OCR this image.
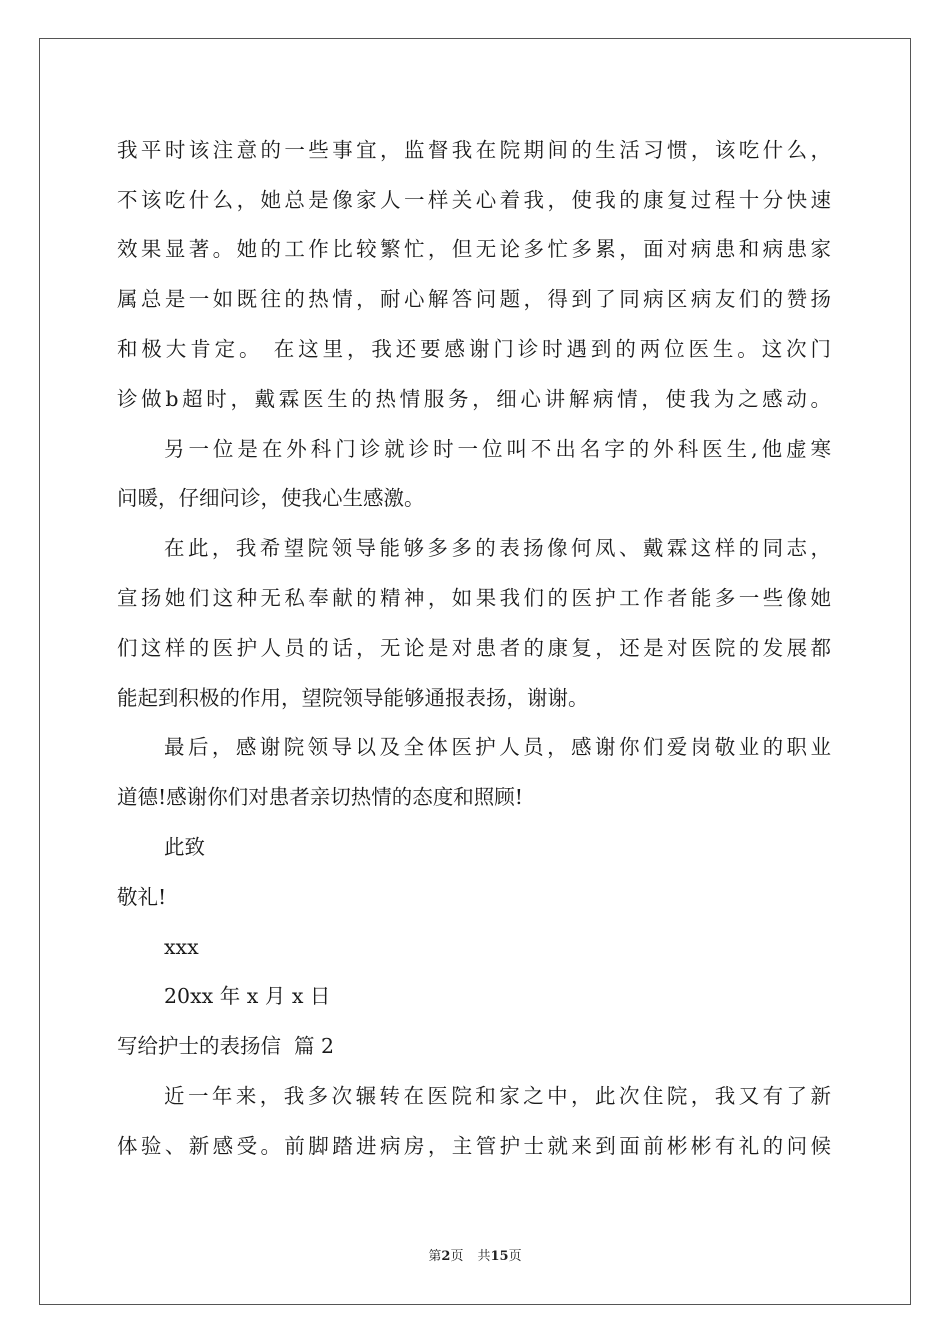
我平时该注意的一些事宜，监督我在院期间的生活习惯，该吃什么，
不该吃什么，她总是像家人一样关心着我，使我的康复过程十分快速
效果显著。她的工作比较繁忙，但无论多忙多累，面对病患和病患家
属总是一如既往的热情，耐心解答问题，得到了同病区病友们的赞扬
和极大肯定。 在这里，我还要感谢门诊时遇到的两位医生。这次门
诊做b超时，戴霖医生的热情服务，细心讲解病情，使我为之感动。
另一位是在外科门诊就诊时一位叫不出名字的外科医生,他虚寒
问暖，仔细问诊，使我心生感激。
在此，我希望院领导能够多多的表扬像何凤、戴霖这样的同志，
宣扬她们这种无私奉献的精神，如果我们的医护工作者能多一些像她
们这样的医护人员的话，无论是对患者的康复，还是对医院的发展都
能起到积极的作用，望院领导能够通报表扬，谢谢。
最后，感谢院领导以及全体医护人员，感谢你们爱岗敬业的职业
道德!感谢你们对患者亲切热情的态度和照顾!
此致
敬礼!
xxx
20xx 年 x 月 x 日
写给护士的表扬信  篇 2
近一年来，我多次辗转在医院和家之中，此次住院，我又有了新
体验、新感受。前脚踏进病房，主管护士就来到面前彬彬有礼的问候
第2页 共15页
